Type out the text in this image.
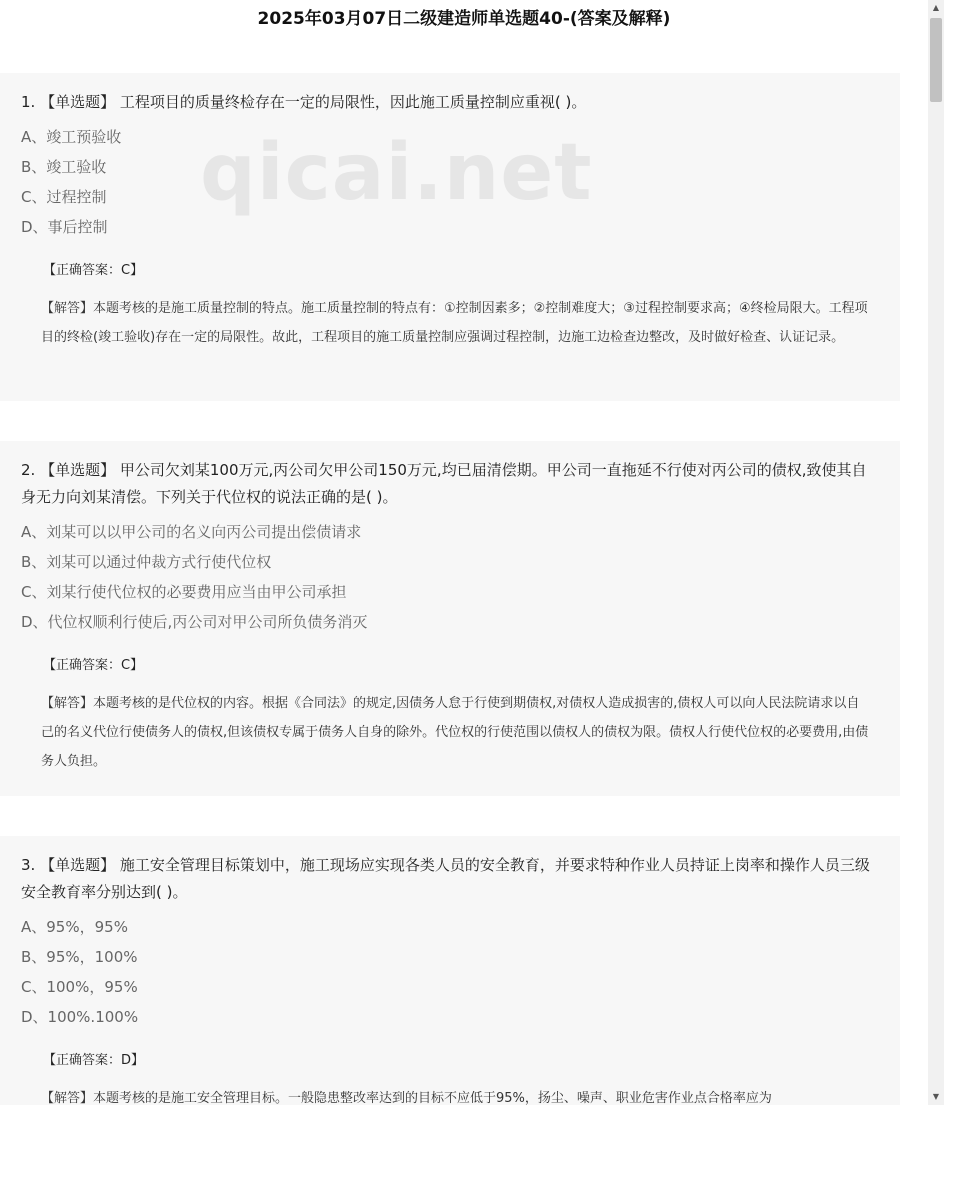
2025年03月07日二级建造师单选题40-(答案及解释)
1. 【单选题】 工程项目的质量终检存在一定的局限性，因此施工质量控制应重视( )。
A、竣工预验收
B、竣工验收
C、过程控制
D、事后控制
【正确答案：C】
【解答】本题考核的是施工质量控制的特点。施工质量控制的特点有：①控制因素多；②控制难度大；③过程控制要求高；④终检局限大。工程项目的终检(竣工验收)存在一定的局限性。故此，工程项目的施工质量控制应强调过程控制，边施工边检查边整改，及时做好检查、认证记录。
2. 【单选题】 甲公司欠刘某100万元,丙公司欠甲公司150万元,均已届清偿期。甲公司一直拖延不行使对丙公司的债权,致使其自身无力向刘某清偿。下列关于代位权的说法正确的是( )。
A、刘某可以以甲公司的名义向丙公司提出偿债请求
B、刘某可以通过仲裁方式行使代位权
C、刘某行使代位权的必要费用应当由甲公司承担
D、代位权顺利行使后,丙公司对甲公司所负债务消灭
【正确答案：C】
【解答】本题考核的是代位权的内容。根据《合同法》的规定,因债务人怠于行使到期债权,对债权人造成损害的,债权人可以向人民法院请求以自己的名义代位行使债务人的债权,但该债权专属于债务人自身的除外。代位权的行使范围以债权人的债权为限。债权人行使代位权的必要费用,由债务人负担。
3. 【单选题】 施工安全管理目标策划中，施工现场应实现各类人员的安全教育，并要求特种作业人员持证上岗率和操作人员三级安全教育率分别达到( )。
A、95%，95%
B、95%，100%
C、100%，95%
D、100%.100%
【正确答案：D】
【解答】本题考核的是施工安全管理目标。一般隐患整改率达到的目标不应低于95%，扬尘、噪声、职业危害作业点合格率应为
qicai.net
▲
▼
